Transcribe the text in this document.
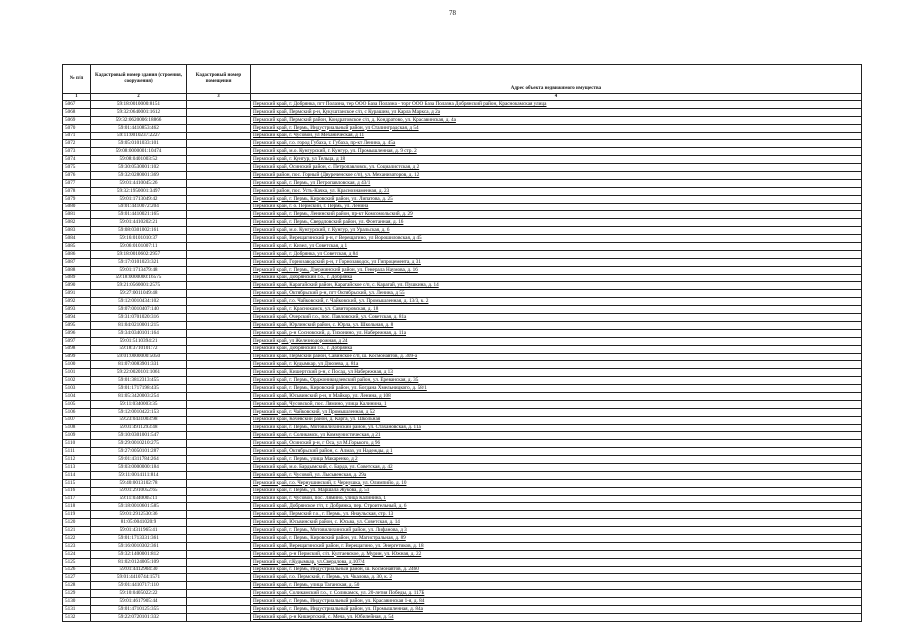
78
№ п/п	Кадастровый номер здания (строения, сооружения)	Кадастровый номер помещения	Адрес объекта недвижимого имущества
1	2	3	4
5067	59:18:0010000:8151		Пермский край, г. Добрянка, пгт Полазна, тер ООО База Полазна - торг ООО База Полазна Добрянский район, Краснокамская улица
5068	59:32:0640001:1612		Пермский край, Пермский р-н, Кукуштанское с/п, с Курашим, ул Карла Маркса, д 2а
5069	59:32:0620006:18866		Пермский край, Пермский район, Кондратовское с/п, д. Кондратово, ул. Красавинская, д. 4а
5070	59:01:4410853:462		Пермский край, г. Пермь, Индустриальный район, ул Сталинградская, д 54
5071	59:11:0010237:2227		Пермский край, г. Чусовой, ул Механическая, д 11
5072	59:05:0101033:101		Пермский край, г.о. город Губаха, г. Губаха, пр-кт Ленина, д. 45а
5073	59:08:0000001:10474		Пермский край, м.о. Кунгурский, г. Кунгур, ул. Промышленная, д. 9 стр. 2
5074	59:08:0401003:52		Пермский край, г. Кунгур, ул Тельца, д 18
5075	59:30:0530001:102		Пермский край, Осинский район, с. Петропавловск, ул. Социалистская, д 2
5076	59:32:0280001:369		Пермский район, пос. Горный (Двуреченское с/п), ул. Механизаторов, д. 12
5077	59:01:4410045:26		Пермский край, г. Пермь, ул Петропавловская, д 43/1
5078	59:32:1950001:3497		Пермский район, пос. Усть-Качка, ул. Краснознаменная, д. 23
5079	59:01:1713049:42		Пермский край, г. Пермь, Кировский район, ул. Липатова, д. 25
5080	59:01:4410072:204		Пермский край, г. о. Пермский, г. Пермь, ул. Ленина
5081	59:01:4410021:165		Пермский край, г. Пермь, Ленинский район, пр-кт Комсомольский, д. 29
5082	59:01:4410202:21		Пермский край, г. Пермь, Свердловский район, ул. Фонтанная, д. 16
5083	59:08:0301002:161		Пермский край, м.о. Кунгурский, г. Кунгур, ул Уральская, д. 6
5084	59:16:0101010:37		Пермский край, Верещагинский р-н, г Верещагино, ул Ворошиловская, д 45
5085	59:06:0101007:11		Пермский край, г. Кизел, ул Советская, д 1
5086	59:18:0010602:2957		Пермский край, г. Добрянка, ул Советская, д 84
5087	59:17:0101023:321		Пермский край, Горнозаводский р-н, г Горнозаводск, ул Гипроцементa, д 31
5088	59:01:1713479:48		Пермский край, г. Пермь, Дзержинский район, ул. Генерала Наумова, д. 16
5089	59:18:0000000:16575		Пермский край, Добрянский г.о., г. Добрянка
5090	59:21:0560001:2575		Пермский край, Карагайский район, Карагайское с/п, с. Карагай, ул. Пушкина, д. 14
5091	59:27:0011049:48		Пермский край, Октябрьский р-н, пгт Октябрьский, ул. Ленина, д 55
5092	59:12:0010434:102		Пермский край, г.о. Чайковский, г. Чайковский, ул. Промышленная, д. 13/3, к. 2
5093	59:07:0010407:140		Пермский край, г. Краснокамск, ул. Савиторовская, д. 18
5094	59:31:0701020:316		Пермский край, Очерский г.о., пос. Павловский, ул. Советская, д. 81а
5095	81:04:0210001:215		Пермский край, Юрлинский район, с. Юрла, ул. Школьная, д. 8
5096	59:34:0340101:164		Пермский край, р-н Сосновский, д. Тихонино, ул. Набережная, д. 11а
5097	59:01:5110394:21		Пермский край, ул Железнодорожная, д 24
5098	59:18:3710101:72		Пермский край, Добрянский г.о., г. Добрянка
5099	59:01:0000000:5050		Пермский край, Пермский район, Савинское с/п, ш. Космонавтов, д. 309-а
5100	81:07:0083901:331		Пермский край, г. Кудымкар, ул Дзюзева, д. 81а
5101	59:22:0020101:1061		Пермский край, Кишертский р-н, с Посад, ул Набережная, д 13
5102	59:01:3812313:455		Пермский край, г. Пермь, Орджоникидзевский район, ул. Ереванская, д. 35
5103	59:01:1717198:435		Пермский край, г. Пермь, Кировский район, ул. Богдана Хмельницкого, д. 58/1
5104	81:05:3420003:254		Пермский край, Юсьвинский р-н, п Майкор, ул. Ленина, д 108
5105	59:11:0340003:35		Пермский край, Чусовской, пос. Лямино, улица Калинина, 1
5106	59:12:0010422:153		Пермский край, г. Чайковский, ул Промышленная, д 52
5107	59:23:0431003:98		Пермский край, Кочёвский район, д. Карга, ул. Школьная
5108	59:01:4911293:48		Пермский край, г. Пермь, Мотовилихинский район, ул. Стахановская, д. 11а
5109	59:10:0301001:547		Пермский край, г. Соликамск, ул Коммунистическая, д 21
5110	59:29:0010210:275		Пермский край, Осинский р-н, г Оса, ул М.Горького, д 96
5111	59:27:0050101:287		Пермский край, Октябрьский район, с. Алмаз, ул Надежды, д 1
5112	59:01:4311784:264		Пермский край, г. Пермь, улица Макаренко, д 2
5113	59:03:0000000:184		Пермский край, м.о. Бардымский, с. Барда, ул. Советская, д. 42
5114	59:11:0014111:814		Пермский край, г. Чусовой, ул. Лысьвенская, д. 29а
5115	59:40:0013102:78		Пермский край, г.о. Чернушинский, г. Чернушка, ул. Олимпийо, д. 10
5116	59:01:2910052:65		Пермский край, г. Пермь, ул. Маршала Жукова, д. 51
5117	59:11:0340005:11		Пермский край, г. Чусовой, пос. Лямино, улица Калинина, 1
5118	59:18:0010601:585		Пермский край, Добрянское г/п, г. Добрянка, пер. Строительный, д. 6
5119	59:01:2912530:36		Пермский край, Пермский г.о., г. Пермь, ул. Янаульская, стр. 13
5120	81:05:0041020:9		Пермский край, Юсьвинский район, с. Юсьва, ул. Советская, д. 14
5121	59:01:4311965:41		Пермский край, г. Пермь, Мотовилихинский район, ул. Лифанова, д 3
5122	59:01:1713331:361		Пермский край, г. Пермь, Кировский район, ул. Магистральная, д. 89
5123	59:16:0010302:361		Пермский край, Верещагинский район, г. Верещагино, ул. Энергетиков, д. 18
5124	59:32:1400001:812		Пермский край, р-н Пермский, с/п. Култаевское, д. Мурин, ул. Южная, д. 22
5125	81:02:0124005:109		Пермский край, г.Кудымкар, ул.Свердлова, д.107/4
5126	59:01:4412904:30		Пермский край, г. Пермь, Индустриальный район, ш. Космонавтов, д. 2460
5127	59:01:4410744:1571		Пермский край, г.о. Пермский, г. Пермь, ул. Чкалова, д. 30, к. 2
5128	59:01:4410717:110		Пермский край, г. Пермь, улица Таганская, д. 50
5129	59:10:0405022:22		Пермский край, Соликамский г.о., г. Соликамск, ул. 20-летия Победы, д. 117Б
5130	59:01:4617905:44		Пермский край, г. Пермь, Индустриальный район, ул. Красавинская 1-я, д. 84
5131	59:01:4710125:355		Пермский край, г. Пермь, Индустриальный район, ул. Промышленная, д. 84а
5132	59:22:0720101:332		Пермский край, р-н Кишертский, с. Меча, ул. Юбилейная, д. 54
